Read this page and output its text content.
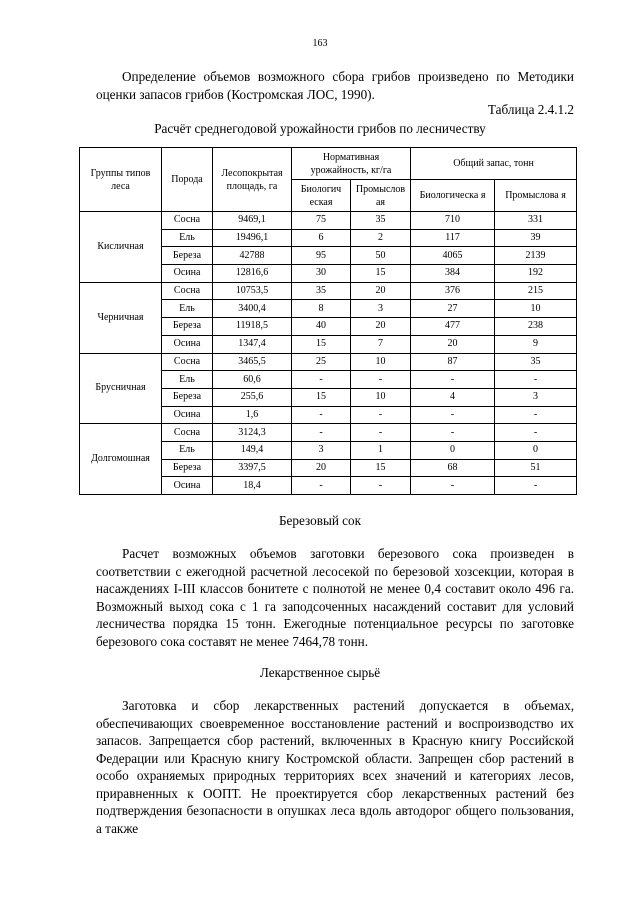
163
Определение объемов возможного сбора грибов произведено по Методики оценки запасов грибов (Костромская ЛОС, 1990).
Таблица 2.4.1.2
Расчёт среднегодовой урожайности грибов по лесничеству
Группы типов леса	Порода	Лесопокрытая площадь, га	Нормативная урожайность, кг/га		Общий запас, тонн	
			Биологич еская	Промыслов ая	Биологическа я	Промыслова я
Кисличная	Сосна	9469,1	75	35	710	331
	Ель	19496,1	6	2	117	39
	Береза	42788	95	50	4065	2139
	Осина	12816,6	30	15	384	192
Черничная	Сосна	10753,5	35	20	376	215
	Ель	3400,4	8	3	27	10
	Береза	11918,5	40	20	477	238
	Осина	1347,4	15	7	20	9
Брусничная	Сосна	3465,5	25	10	87	35
	Ель	60,6	-	-	-	-
	Береза	255,6	15	10	4	3
	Осина	1,6	-	-	-	-
Долгомошная	Сосна	3124,3	-	-	-	-
	Ель	149,4	3	1	0	0
	Береза	3397,5	20	15	68	51
	Осина	18,4	-	-	-	-
Березовый сок
Расчет возможных объемов заготовки березового сока произведен в соответствии с ежегодной расчетной лесосекой по березовой хозсекции, которая в насаждениях I-III классов бонитете с полнотой не менее 0,4 составит около 496 га. Возможный выход сока с 1 га заподсоченных насаждений составит для условий лесничества порядка 15 тонн. Ежегодные потенциальное ресурсы по заготовке березового сока составят не менее 7464,78 тонн.
Лекарственное сырьё
Заготовка и сбор лекарственных растений допускается в объемах, обеспечивающих своевременное восстановление растений и воспроизводство их запасов. Запрещается сбор растений, включенных в Красную книгу Российской Федерации или Красную книгу Костромской области. Запрещен сбор растений в особо охраняемых природных территориях всех значений и категориях лесов, приравненных к ООПТ. Не проектируется сбор лекарственных растений без подтверждения безопасности в опушках леса вдоль автодорог общего пользования, а также
